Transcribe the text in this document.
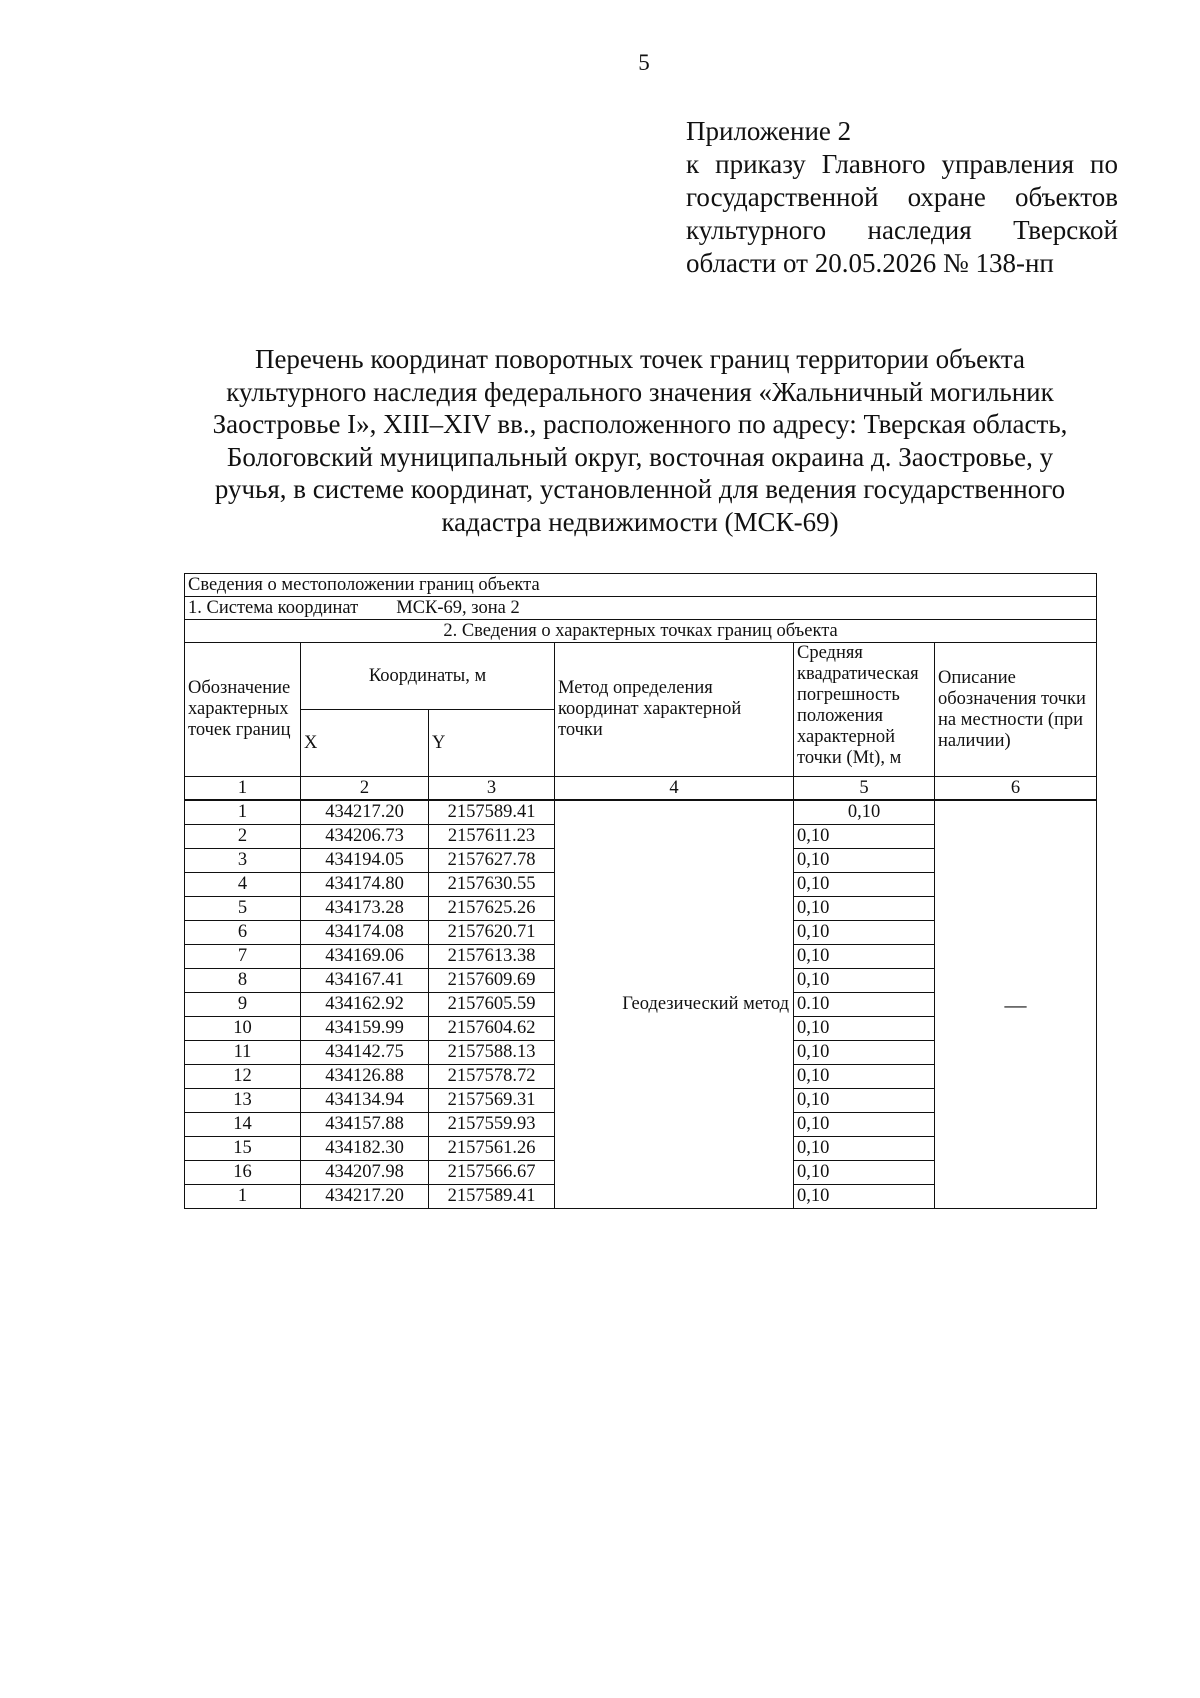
5
Приложение 2
к приказу Главного управления по
государственной охране объектов
культурного наследия Тверской
области от 20.05.2026 № 138-нп
Перечень координат поворотных точек границ территории объекта
культурного наследия федерального значения «Жальничный могильник
Заостровье I», XIII–XIV вв., расположенного по адресу: Тверская область,
Бологовский муниципальный округ, восточная окраина д. Заостровье, у
ручья, в системе координат, установленной для ведения государственного
кадастра недвижимости (МСК-69)
Сведения о местоположении границ объекта					
1. Система координат МСК-69, зона 2					
2. Сведения о характерных точках границ объекта					
Обозначение характерных точек границ	Координаты, м		Метод определения координат характерной точки	Средняя квадратическая погрешность положения характерной точки (Mt), м	Описание обозначения точки на местности (при наличии)
	X	Y			
1	2	3	4	5	6
1	434217.20	2157589.41	Геодезический метод	0,10	—
2	434206.73	2157611.23		0,10	
3	434194.05	2157627.78		0,10	
4	434174.80	2157630.55		0,10	
5	434173.28	2157625.26		0,10	
6	434174.08	2157620.71		0,10	
7	434169.06	2157613.38		0,10	
8	434167.41	2157609.69		0,10	
9	434162.92	2157605.59		0.10	
10	434159.99	2157604.62		0,10	
11	434142.75	2157588.13		0,10	
12	434126.88	2157578.72		0,10	
13	434134.94	2157569.31		0,10	
14	434157.88	2157559.93		0,10	
15	434182.30	2157561.26		0,10	
16	434207.98	2157566.67		0,10	
1	434217.20	2157589.41		0,10	
